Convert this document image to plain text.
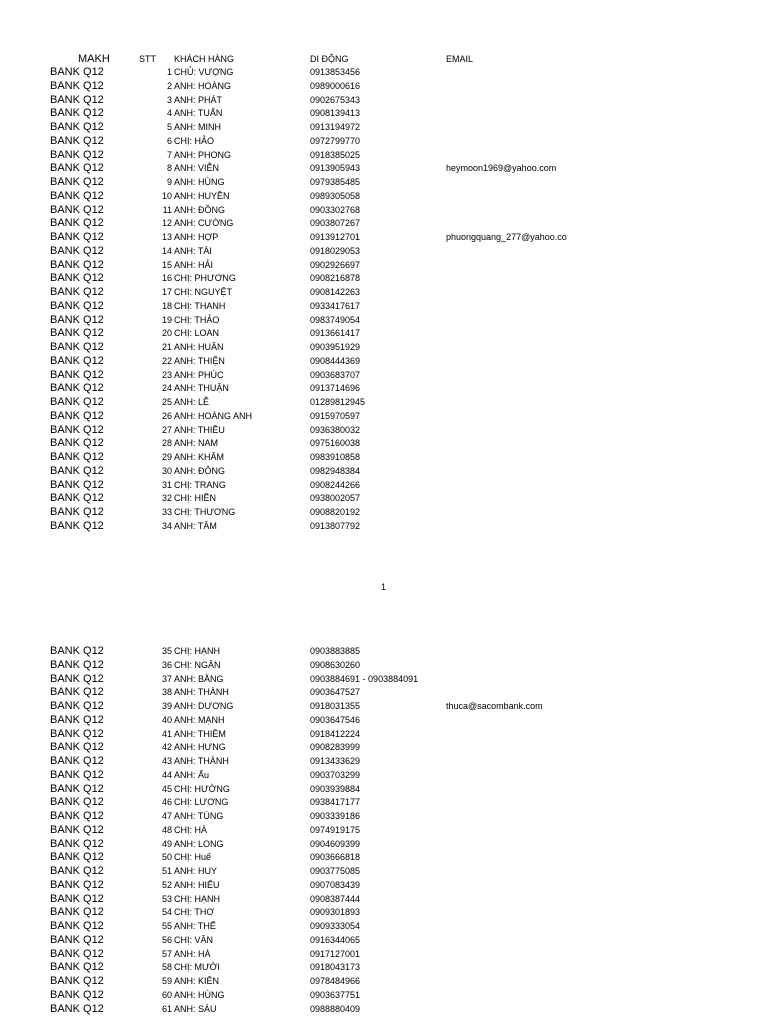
MAKH	STT KHÁCH HÀNG	DI ĐỘNG	EMAIL
BANK Q12	1 CHỦ: VƯỢNG	0913853456
BANK Q12	2 ANH: HOÀNG	0989000616
BANK Q12	3 ANH: PHÁT	0902675343
BANK Q12	4 ANH: TUẤN	0908139413
BANK Q12	5 ANH: MINH	0913194972
BANK Q12	6 CHỊ: HẢO	0972799770
BANK Q12	7 ANH: PHONG	0918385025
BANK Q12	8 ANH: VIỄN	0913905943	heymoon1969@yahoo.com
BANK Q12	9 ANH: HÙNG	0979385485
BANK Q12	10 ANH: HUYỀN	0989305058
BANK Q12	11 ANH: ĐỒNG	0903302768
BANK Q12	12 ANH: CƯỜNG	0903807267
BANK Q12	13 ANH: HỢP	0913912701	phuongquang_277@yahoo.co
BANK Q12	14 ANH: TÀI	0918029053
BANK Q12	15 ANH: HẢI	0902926697
BANK Q12	16 CHỊ: PHƯƠNG	0908216878
BANK Q12	17 CHỊ: NGUYỆT	0908142263
BANK Q12	18 CHỊ: THANH	0933417617
BANK Q12	19 CHỊ: THẢO	0983749054
BANK Q12	20 CHỊ: LOAN	0913661417
BANK Q12	21 ANH: HUÂN	0903951929
BANK Q12	22 ANH: THIỆN	0908444369
BANK Q12	23 ANH: PHÚC	0903683707
BANK Q12	24 ANH: THUẬN	0913714696
BANK Q12	25 ANH: LỄ	01289812945
BANK Q12	26 ANH: HOÀNG ANH	0915970597
BANK Q12	27 ANH: THIỀU	0936380032
BANK Q12	28 ANH: NAM	0975160038
BANK Q12	29 ANH: KHÂM	0983910858
BANK Q12	30 ANH: ĐÔNG	0982948384
BANK Q12	31 CHỊ: TRANG	0908244266
BANK Q12	32 CHỊ: HIỀN	0938002057
BANK Q12	33 CHỊ: THƯƠNG	0908820192
BANK Q12	34 ANH: TÂM	0913807792
1
BANK Q12	35 CHỊ: HẠNH	0903883885
BANK Q12	36 CHỊ: NGÂN	0908630260
BANK Q12	37 ANH: BẰNG	0903884691 - 0903884091
BANK Q12	38 ANH: THÀNH	0903647527
BANK Q12	39 ANH: DƯƠNG	0918031355	thuca@sacombank.com
BANK Q12	40 ANH: MẠNH	0903647546
BANK Q12	41 ANH: THIÊM	0918412224
BANK Q12	42 ANH: HƯNG	0908283999
BANK Q12	43 ANH: THÀNH	0913433629
BANK Q12	44 ANH: Ấu	0903703299
BANK Q12	45 CHỊ: HƯỜNG	0903939884
BANK Q12	46 CHỊ: LƯƠNG	0938417177
BANK Q12	47 ANH: TÙNG	0903339186
BANK Q12	48 CHỊ: HÀ	0974919175
BANK Q12	49 ANH: LONG	0904609399
BANK Q12	50 CHỊ: Huế	0903666818
BANK Q12	51 ANH: HUY	0903775085
BANK Q12	52 ANH: HIẾU	0907083439
BANK Q12	53 CHỊ: HẠNH	0908387444
BANK Q12	54 CHỊ: THƠ	0909301893
BANK Q12	55 ANH: THẾ	0909333054
BANK Q12	56 CHỊ: VÂN	0916344065
BANK Q12	57 ANH: HÀ	0917127001
BANK Q12	58 CHỊ: MƯỜI	0918043173
BANK Q12	59 ANH: KIÊN	0978484966
BANK Q12	60 ANH: HÙNG	0903637751
BANK Q12	61 ANH: SÁU	0988880409
